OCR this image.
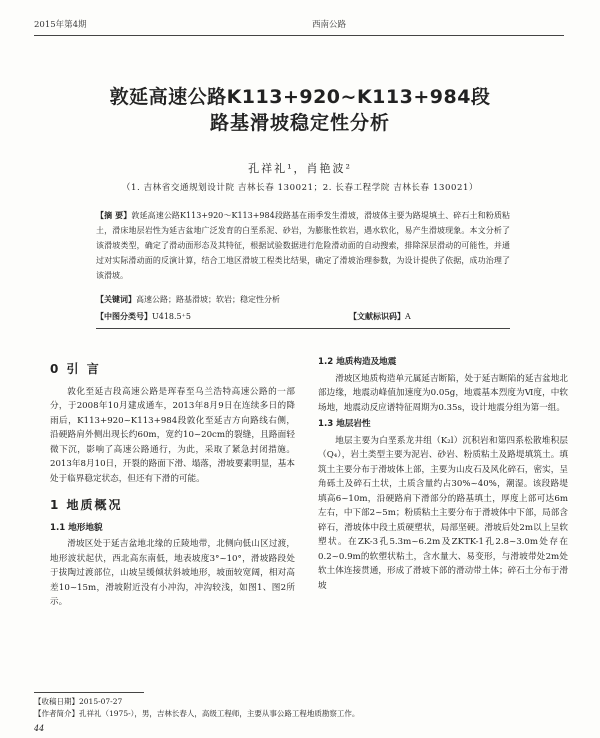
2015年第4期	西南公路
敦延高速公路K113+920~K113+984段
路基滑坡稳定性分析
孔祥礼¹，肖艳波²
（1. 吉林省交通规划设计院 吉林长春 130021；2. 长春工程学院 吉林长春 130021）
【摘 要】敦延高速公路K113+920～K113+984段路基在雨季发生滑坡，滑坡体主要为路堤填土、碎石土和粉质粘土，滑床地层岩性为延吉盆地广泛发育的白垩系泥、砂岩，为膨胀性软岩，遇水软化，易产生滑坡现象。本文分析了该滑坡类型，确定了滑动面形态及其特征，根据试验数据进行危险滑动面的自动搜索，排除深层滑动的可能性，并通过对实际滑动面的反演计算，结合工地区滑坡工程类比结果，确定了滑坡治理参数，为设计提供了依据，成功治理了该滑坡。
【关键词】高速公路；路基滑坡；软岩；稳定性分析
【中图分类号】U418.5⁺5	【文献标识码】A

0 引 言

敦化至延吉段高速公路是珲春至乌兰浩特高速公路的一部分，于2008年10月建成通车，2013年8月9日在连续多日的降雨后，K113+920~K113+984段敦化至延吉方向路线右侧，沿硬路肩外侧出现长约60m，宽约10~20cm的裂缝，且路面轻微下沉，影响了高速公路通行，为此，采取了紧急封闭措施。2013年8月10日，开裂的路面下滑、塌落，滑坡要素明显，基本处于临界稳定状态，但还有下滑的可能。

1 地质概况

1.1 地形地貌

滑坡区处于延吉盆地北缘的丘陵地带，北侧向低山区过渡，地形波状起伏，西北高东南低，地表坡度3°~10°，滑坡路段处于拔陶过渡部位，山坡呈缓倾状斜坡地形，坡面较宽阔，相对高差10~15m，滑坡附近没有小冲沟，冲沟较浅，如图1、图2所示。

1.2 地质构造及地震

滑坡区地质构造单元属延吉断陷，处于延吉断陷的延吉盆地北部边缘，地震动峰值加速度为0.05g，地震基本烈度为Ⅵ度，中软场地，地震动反应谱特征周期为0.35s，设计地震分组为第一组。

1.3 地层岩性

地层主要为白垩系龙井组（K₂l）沉积岩和第四系松散堆积层（Q₄），岩土类型主要为泥岩、砂岩、粉质粘土及路堤填筑土。填筑土主要分布于滑坡体上部，主要为山皮石及风化碎石，密实，呈角砾土及碎石土状，土质含量约占30%~40%，潮湿。该段路堤填高6~10m，沿硬路肩下滑部分的路基填土，厚度上部可达6m左右，中下部2~5m；粉质粘土主要分布于滑坡体中下部，局部含碎石，滑坡体中段土质硬塑状，局部坚硬。滑坡后处2m以上呈软塑状。在ZK-3孔5.3m~6.2m及ZKTK-1孔2.8~3.0m处存在0.2~0.9m的软塑状粘土，含水量大、易变形，与滑坡带处2m处软土体连接贯通，形成了滑坡下部的滑动带土体；碎石土分布于滑坡

【收稿日期】2015-07-27
【作者简介】孔祥礼（1975-），男，吉林长春人，高级工程师，主要从事公路工程地质勘察工作。
44
